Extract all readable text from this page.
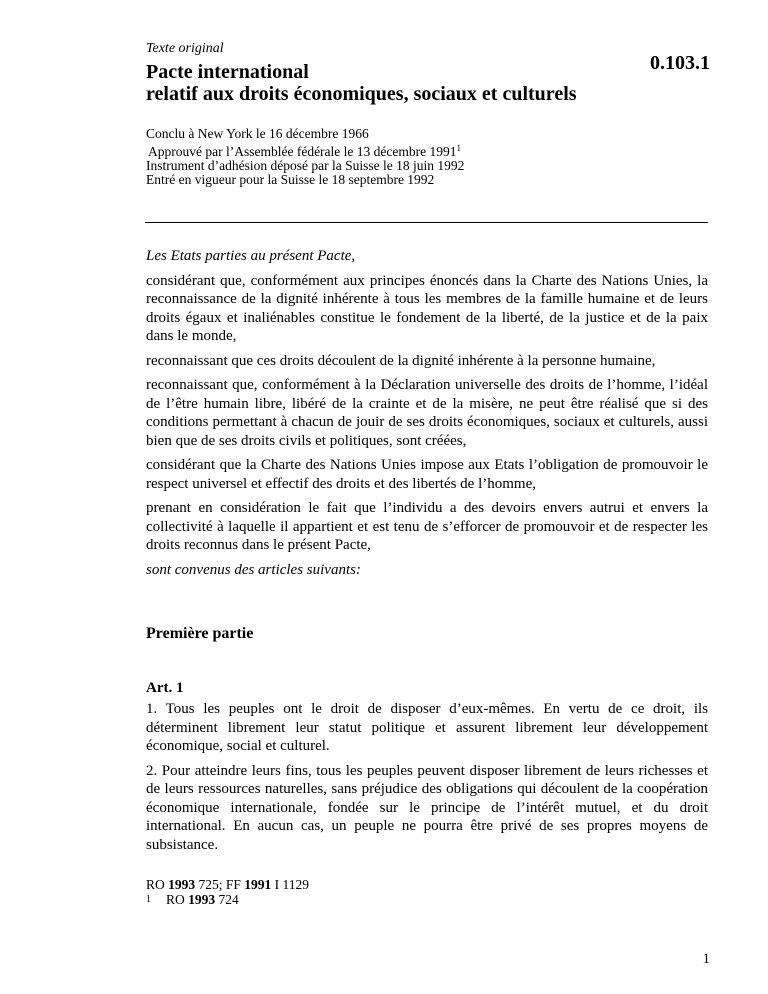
Texte original
0.103.1
Pacte international
relatif aux droits économiques, sociaux et culturels
Conclu à New York le 16 décembre 1966
Approuvé par l’Assemblée fédérale le 13 décembre 1991$^1$
Instrument d’adhésion déposé par la Suisse le 18 juin 1992
Entré en vigueur pour la Suisse le 18 septembre 1992

Les Etats parties au présent Pacte,

considérant que, conformément aux principes énoncés dans la Charte des Nations Unies, la reconnaissance de la dignité inhérente à tous les membres de la famille humaine et de leurs droits égaux et inaliénables constitue le fondement de la liberté, de la justice et de la paix dans le monde,

reconnaissant que ces droits découlent de la dignité inhérente à la personne humaine,

reconnaissant que, conformément à la Déclaration universelle des droits de l’homme, l’idéal de l’être humain libre, libéré de la crainte et de la misère, ne peut être réalisé que si des conditions permettant à chacun de jouir de ses droits économiques, sociaux et culturels, aussi bien que de ses droits civils et politiques, sont créées,

considérant que la Charte des Nations Unies impose aux Etats l’obligation de promouvoir le respect universel et effectif des droits et des libertés de l’homme,

prenant en considération le fait que l’individu a des devoirs envers autrui et envers la collectivité à laquelle il appartient et est tenu de s’efforcer de promouvoir et de respecter les droits reconnus dans le présent Pacte,

sont convenus des articles suivants:

Première partie
Art. 1

1. Tous les peuples ont le droit de disposer d’eux-mêmes. En vertu de ce droit, ils déterminent librement leur statut politique et assurent librement leur développement économique, social et culturel.

2. Pour atteindre leurs fins, tous les peuples peuvent disposer librement de leurs richesses et de leurs ressources naturelles, sans préjudice des obligations qui découlent de la coopération économique internationale, fondée sur le principe de l’intérêt mutuel, et du droit international. En aucun cas, un peuple ne pourra être privé de ses propres moyens de subsistance.

RO 1993 725; FF 1991 I 1129
1	RO 1993 724
1
